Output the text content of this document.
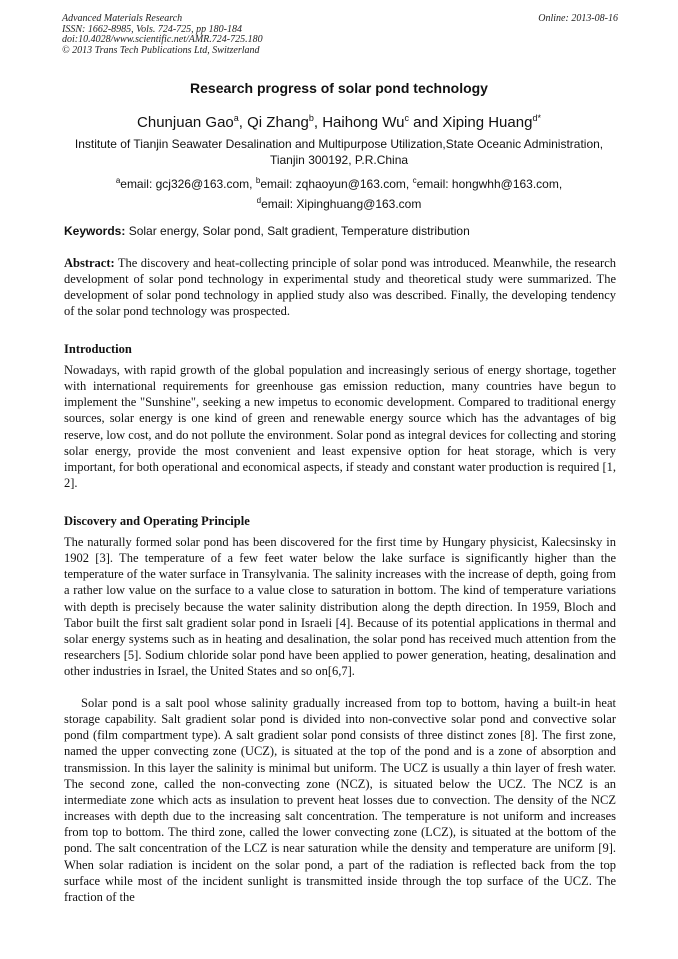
Advanced Materials Research
ISSN: 1662-8985, Vols. 724-725, pp 180-184
doi:10.4028/www.scientific.net/AMR.724-725.180
© 2013 Trans Tech Publications Ltd, Switzerland
Online: 2013-08-16
Research progress of solar pond technology
Chunjuan Gao$^a$, Qi Zhang$^b$, Haihong Wu$^c$ and Xiping Huang$^{d*}$
Institute of Tianjin Seawater Desalination and Multipurpose Utilization,State Oceanic Administration,
Tianjin 300192, P.R.China
$^a$email: gcj326@163.com, $^b$email: zqhaoyun@163.com, $^c$email: hongwhh@163.com,
$^d$email: Xipinghuang@163.com
Keywords: Solar energy, Solar pond, Salt gradient, Temperature distribution
Abstract: The discovery and heat-collecting principle of solar pond was introduced. Meanwhile, the research development of solar pond technology in experimental study and theoretical study were summarized. The development of solar pond technology in applied study also was described. Finally, the developing tendency of the solar pond technology was prospected.
Introduction
Nowadays, with rapid growth of the global population and increasingly serious of energy shortage, together with international requirements for greenhouse gas emission reduction, many countries have begun to implement the "Sunshine", seeking a new impetus to economic development. Compared to traditional energy sources, solar energy is one kind of green and renewable energy source which has the advantages of big reserve, low cost, and do not pollute the environment. Solar pond as integral devices for collecting and storing solar energy, provide the most convenient and least expensive option for heat storage, which is very important, for both operational and economical aspects, if steady and constant water production is required [1, 2].
Discovery and Operating Principle
The naturally formed solar pond has been discovered for the first time by Hungary physicist, Kalecsinsky in 1902 [3]. The temperature of a few feet water below the lake surface is significantly higher than the temperature of the water surface in Transylvania. The salinity increases with the increase of depth, going from a rather low value on the surface to a value close to saturation in bottom. The kind of temperature variations with depth is precisely because the water salinity distribution along the depth direction. In 1959, Bloch and Tabor built the first salt gradient solar pond in Israeli [4]. Because of its potential applications in thermal and solar energy systems such as in heating and desalination, the solar pond has received much attention from the researchers [5]. Sodium chloride solar pond have been applied to power generation, heating, desalination and other industries in Israel, the United States and so on[6,7].
Solar pond is a salt pool whose salinity gradually increased from top to bottom, having a built-in heat storage capability. Salt gradient solar pond is divided into non-convective solar pond and convective solar pond (film compartment type). A salt gradient solar pond consists of three distinct zones [8]. The first zone, named the upper convecting zone (UCZ), is situated at the top of the pond and is a zone of absorption and transmission. In this layer the salinity is minimal but uniform. The UCZ is usually a thin layer of fresh water. The second zone, called the non-convecting zone (NCZ), is situated below the UCZ. The NCZ is an intermediate zone which acts as insulation to prevent heat losses due to convection. The density of the NCZ increases with depth due to the increasing salt concentration. The temperature is not uniform and increases from top to bottom. The third zone, called the lower convecting zone (LCZ), is situated at the bottom of the pond. The salt concentration of the LCZ is near saturation while the density and temperature are uniform [9]. When solar radiation is incident on the solar pond, a part of the radiation is reflected back from the top surface while most of the incident sunlight is transmitted inside through the top surface of the UCZ. The fraction of the
